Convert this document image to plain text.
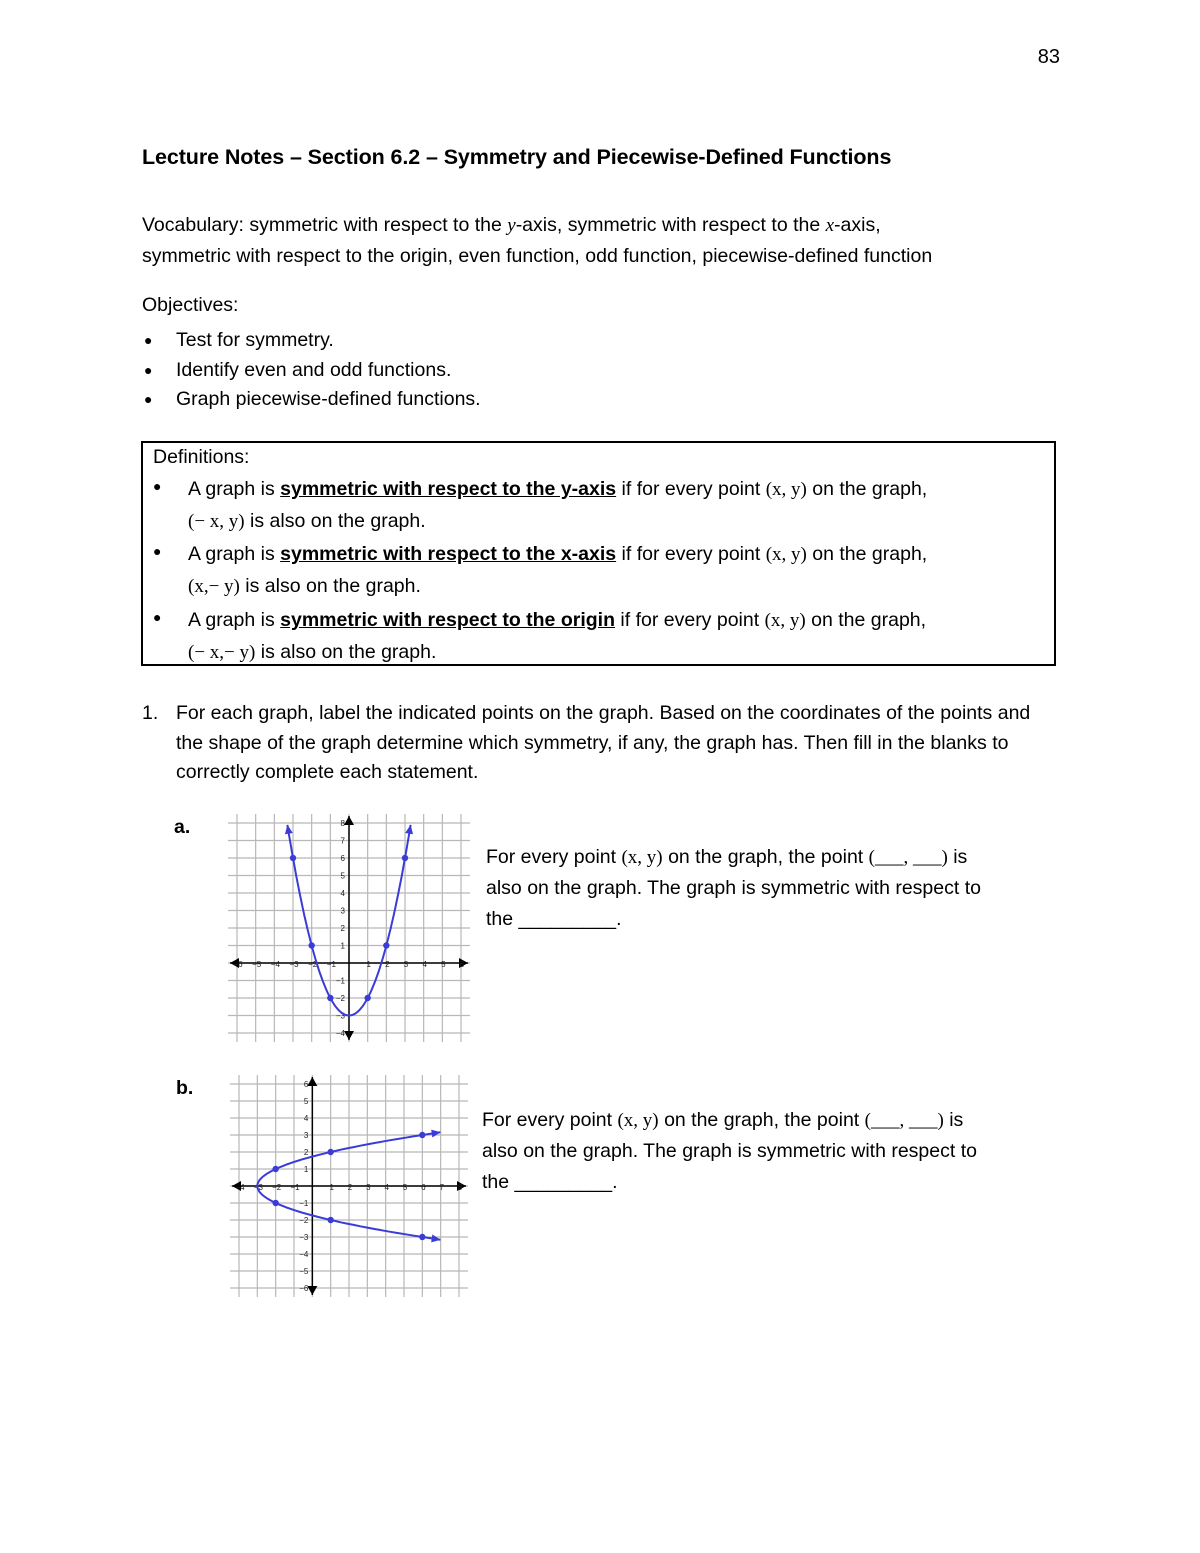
83
Lecture Notes – Section 6.2 – Symmetry and Piecewise-Defined Functions
Vocabulary: symmetric with respect to the y-axis, symmetric with respect to the x-axis,
symmetric with respect to the origin, even function, odd function, piecewise-defined function
Objectives:
● Test for symmetry.
● Identify even and odd functions.
● Graph piecewise-defined functions.
Definitions:
● A graph is symmetric with respect to the y-axis if for every point (x, y) on the graph,
(− x, y) is also on the graph.
● A graph is symmetric with respect to the x-axis if for every point (x, y) on the graph,
(x,− y) is also on the graph.
● A graph is symmetric with respect to the origin if for every point (x, y) on the graph,
(− x,− y) is also on the graph.
1. For each graph, label the indicated points on the graph. Based on the coordinates of the points and the shape of the graph determine which symmetry, if any, the graph has. Then fill in the blanks to correctly complete each statement.
a.
−6 −5 −4 −3 −2 −1	1 2 3 4 5 6
8
7
6
5
4
3
2
1
−1
−2
−3
−4
For every point (x, y) on the graph, the point (___, ___) is
also on the graph. The graph is symmetric with respect to
the _________.
b.
−4 −3 −2 −1	1 2 3 4 5 6 7 8
6
5
4
3
2
1
−1
−2
−3
−4
−5
−6
For every point (x, y) on the graph, the point (___, ___) is
also on the graph. The graph is symmetric with respect to
the _________.
